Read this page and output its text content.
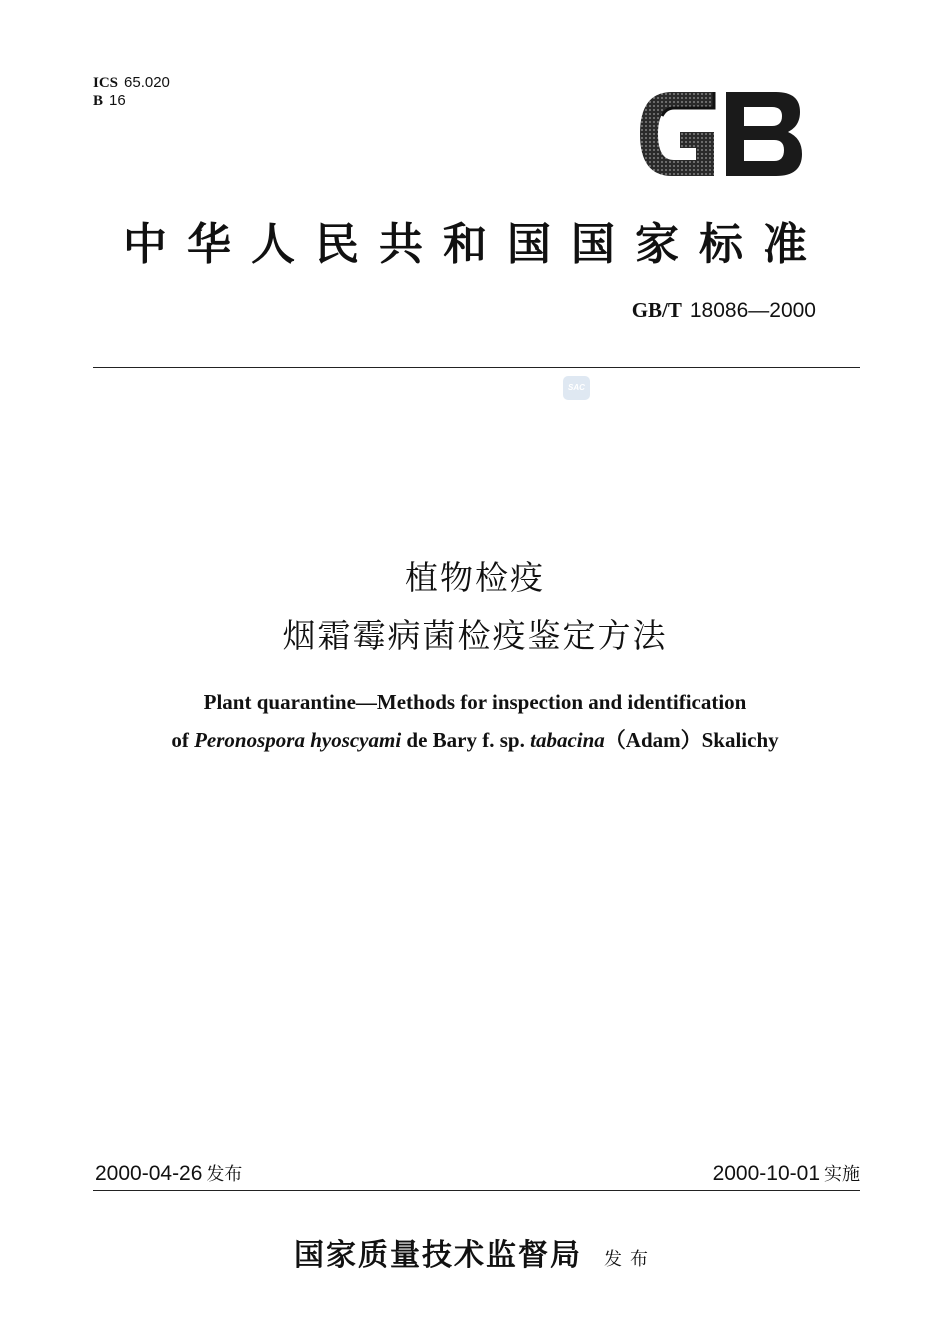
ICS 65.020
B 16
中华人民共和国国家标准
GB/T 18086—2000
SAC
植物检疫
烟霜霉病菌检疫鉴定方法
Plant quarantine—Methods for inspection and identification
of Peronospora hyoscyami de Bary f. sp. tabacina（Adam）Skalichy
2000-04-26 发布	2000-10-01 实施
国家质量技术监督局 发布
